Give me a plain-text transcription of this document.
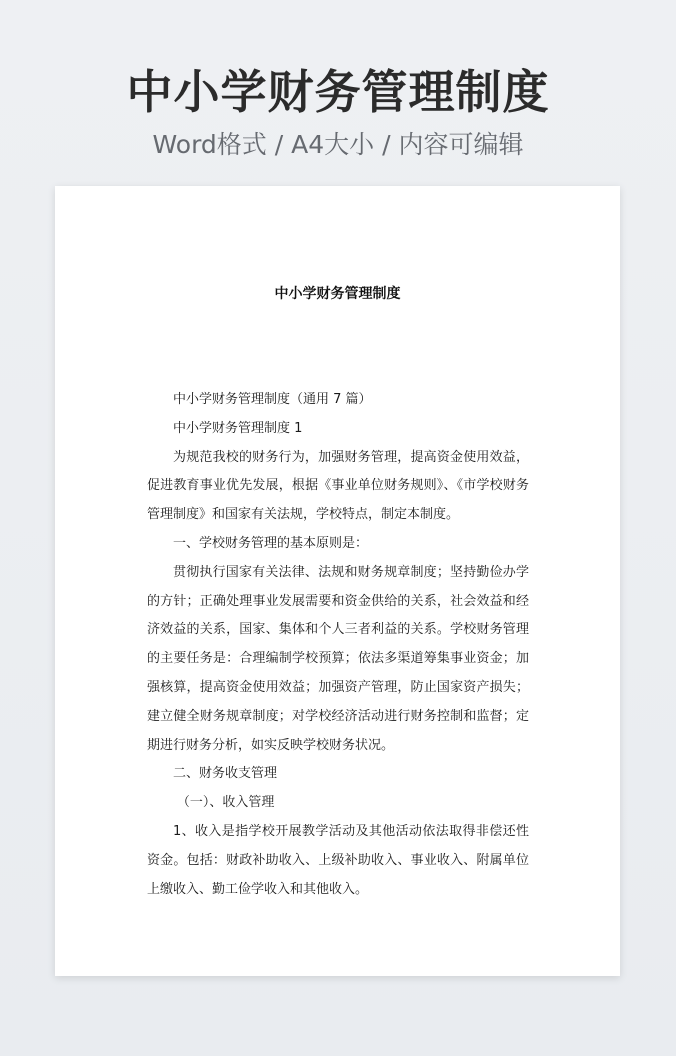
中小学财务管理制度
Word格式 / A4大小 / 内容可编辑
中小学财务管理制度

中小学财务管理制度（通用 7 篇）

中小学财务管理制度 1

为规范我校的财务行为，加强财务管理，提高资金使用效益，促进教育事业优先发展，根据《事业单位财务规则》、《市学校财务管理制度》和国家有关法规，学校特点，制定本制度。

一、学校财务管理的基本原则是：

贯彻执行国家有关法律、法规和财务规章制度；坚持勤俭办学的方针；正确处理事业发展需要和资金供给的关系，社会效益和经济效益的关系，国家、集体和个人三者利益的关系。学校财务管理的主要任务是：合理编制学校预算；依法多渠道筹集事业资金；加强核算，提高资金使用效益；加强资产管理，防止国家资产损失；建立健全财务规章制度；对学校经济活动进行财务控制和监督；定期进行财务分析，如实反映学校财务状况。

二、财务收支管理

（一）、收入管理

1、收入是指学校开展教学活动及其他活动依法取得非偿还性资金。包括：财政补助收入、上级补助收入、事业收入、附属单位上缴收入、勤工俭学收入和其他收入。
